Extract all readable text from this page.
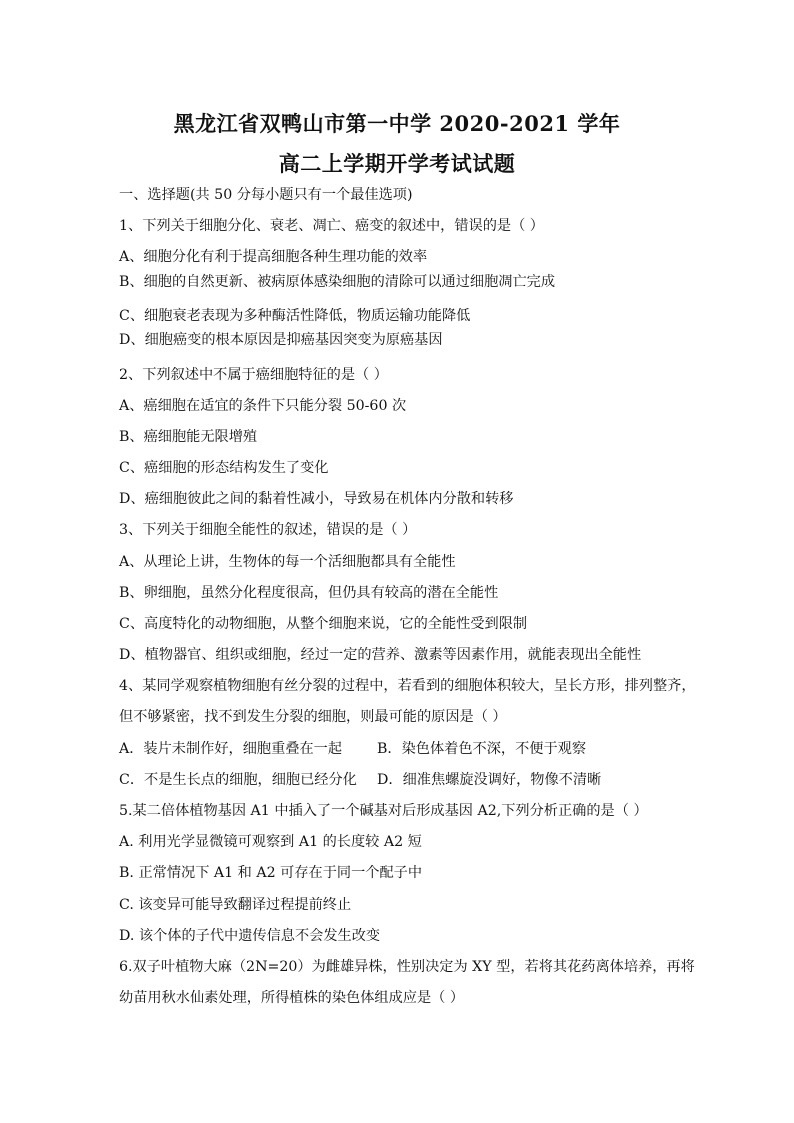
黑龙江省双鸭山市第一中学 2020-2021 学年
高二上学期开学考试试题
一、选择题(共 50 分每小题只有一个最佳选项)
1、下列关于细胞分化、衰老、凋亡、癌变的叙述中，错误的是（ ）
A、细胞分化有利于提高细胞各种生理功能的效率
B、细胞的自然更新、被病原体感染细胞的清除可以通过细胞凋亡完成
C、细胞衰老表现为多种酶活性降低，物质运输功能降低
D、细胞癌变的根本原因是抑癌基因突变为原癌基因
2、下列叙述中不属于癌细胞特征的是（ ）
A、癌细胞在适宜的条件下只能分裂 50-60 次
B、癌细胞能无限增殖
C、癌细胞的形态结构发生了变化
D、癌细胞彼此之间的黏着性减小，导致易在机体内分散和转移
3、下列关于细胞全能性的叙述，错误的是（ ）
A、从理论上讲，生物体的每一个活细胞都具有全能性
B、卵细胞，虽然分化程度很高，但仍具有较高的潜在全能性
C、高度特化的动物细胞，从整个细胞来说，它的全能性受到限制
D、植物器官、组织或细胞，经过一定的营养、激素等因素作用，就能表现出全能性
4、某同学观察植物细胞有丝分裂的过程中，若看到的细胞体积较大，呈长方形，排列整齐，
但不够紧密，找不到发生分裂的细胞，则最可能的原因是（ ）
A．装片未制作好，细胞重叠在一起 B．染色体着色不深，不便于观察
C．不是生长点的细胞，细胞已经分化 D．细准焦螺旋没调好，物像不清晰
5.某二倍体植物基因 A1 中插入了一个碱基对后形成基因 A2,下列分析正确的是（ ）
A. 利用光学显微镜可观察到 A1 的长度较 A2 短
B. 正常情况下 A1 和 A2 可存在于同一个配子中
C. 该变异可能导致翻译过程提前终止
D. 该个体的子代中遗传信息不会发生改变
6.双子叶植物大麻（2N=20）为雌雄异株，性别决定为 XY 型，若将其花药离体培养，再将
幼苗用秋水仙素处理，所得植株的染色体组成应是（ ）
